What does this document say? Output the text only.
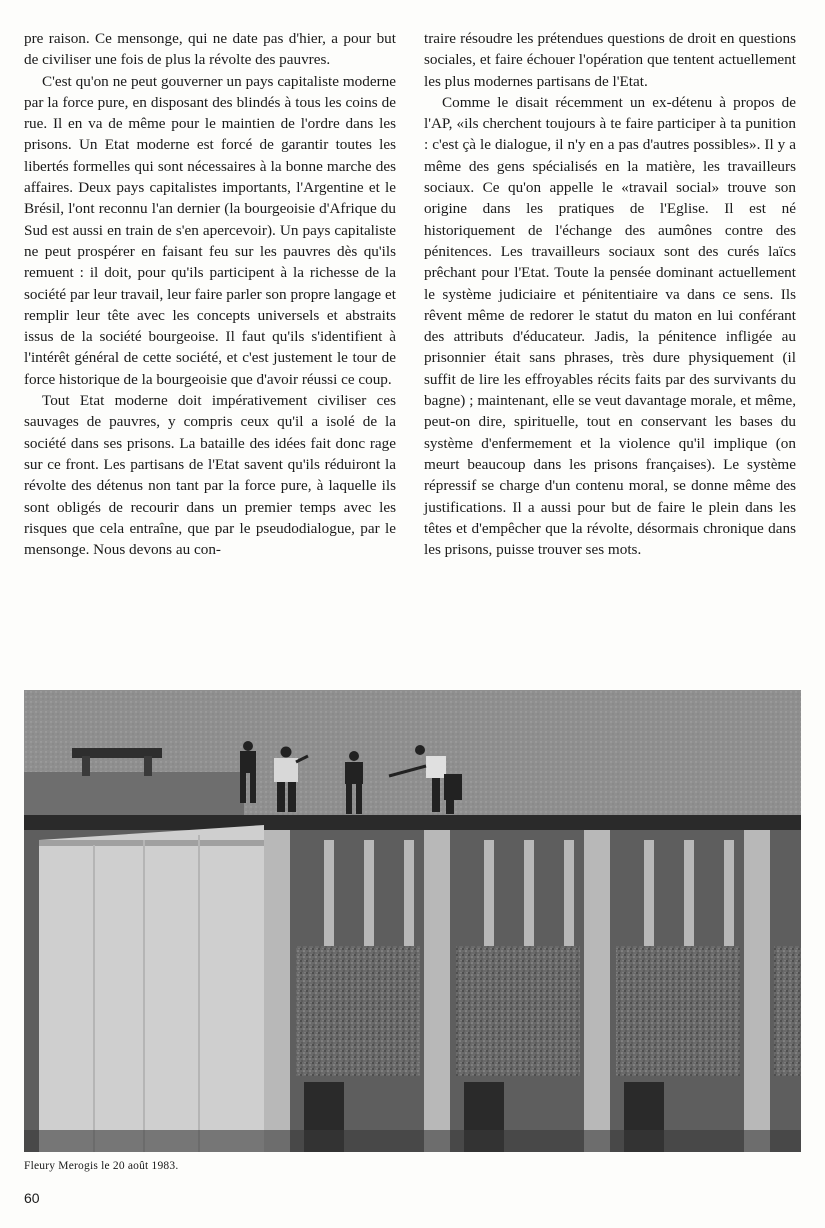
pre raison. Ce mensonge, qui ne date pas d'hier, a pour but de civiliser une fois de plus la révolte des pauvres.

C'est qu'on ne peut gouverner un pays capitaliste moderne par la force pure, en disposant des blindés à tous les coins de rue. Il en va de même pour le maintien de l'ordre dans les prisons. Un Etat moderne est forcé de garantir toutes les libertés formelles qui sont nécessaires à la bonne marche des affaires. Deux pays capitalistes importants, l'Argentine et le Brésil, l'ont reconnu l'an dernier (la bourgeoisie d'Afrique du Sud est aussi en train de s'en apercevoir). Un pays capitaliste ne peut prospérer en faisant feu sur les pauvres dès qu'ils remuent : il doit, pour qu'ils participent à la richesse de la société par leur travail, leur faire parler son propre langage et remplir leur tête avec les concepts universels et abstraits issus de la société bourgeoise. Il faut qu'ils s'identifient à l'intérêt général de cette société, et c'est justement le tour de force historique de la bourgeoisie que d'avoir réussi ce coup.

Tout Etat moderne doit impérativement civiliser ces sauvages de pauvres, y compris ceux qu'il a isolé de la société dans ses prisons. La bataille des idées fait donc rage sur ce front. Les partisans de l'Etat savent qu'ils réduiront la révolte des détenus non tant par la force pure, à laquelle ils sont obligés de recourir dans un premier temps avec les risques que cela entraîne, que par le pseudodialogue, par le mensonge. Nous devons au con-

traire résoudre les prétendues questions de droit en questions sociales, et faire échouer l'opération que tentent actuellement les plus modernes partisans de l'Etat.

Comme le disait récemment un ex-détenu à propos de l'AP, «ils cherchent toujours à te faire participer à ta punition : c'est çà le dialogue, il n'y en a pas d'autres possibles». Il y a même des gens spécialisés en la matière, les travailleurs sociaux. Ce qu'on appelle le «travail social» trouve son origine dans les pratiques de l'Eglise. Il est né historiquement de l'échange des aumônes contre des pénitences. Les travailleurs sociaux sont des curés laïcs prêchant pour l'Etat. Toute la pensée dominant actuellement le système judiciaire et pénitentiaire va dans ce sens. Ils rêvent même de redorer le statut du maton en lui conférant des attributs d'éducateur. Jadis, la pénitence infligée au prisonnier était sans phrases, très dure physiquement (il suffit de lire les effroyables récits faits par des survivants du bagne) ; maintenant, elle se veut davantage morale, et même, peut-on dire, spirituelle, tout en conservant les bases du système d'enfermement et la violence qu'il implique (on meurt beaucoup dans les prisons françaises). Le système répressif se charge d'un contenu moral, se donne même des justifications. Il a aussi pour but de faire le plein dans les têtes et d'empêcher que la révolte, désormais chronique dans les prisons, puisse trouver ses mots.

Fleury Merogis le 20 août 1983.
60
